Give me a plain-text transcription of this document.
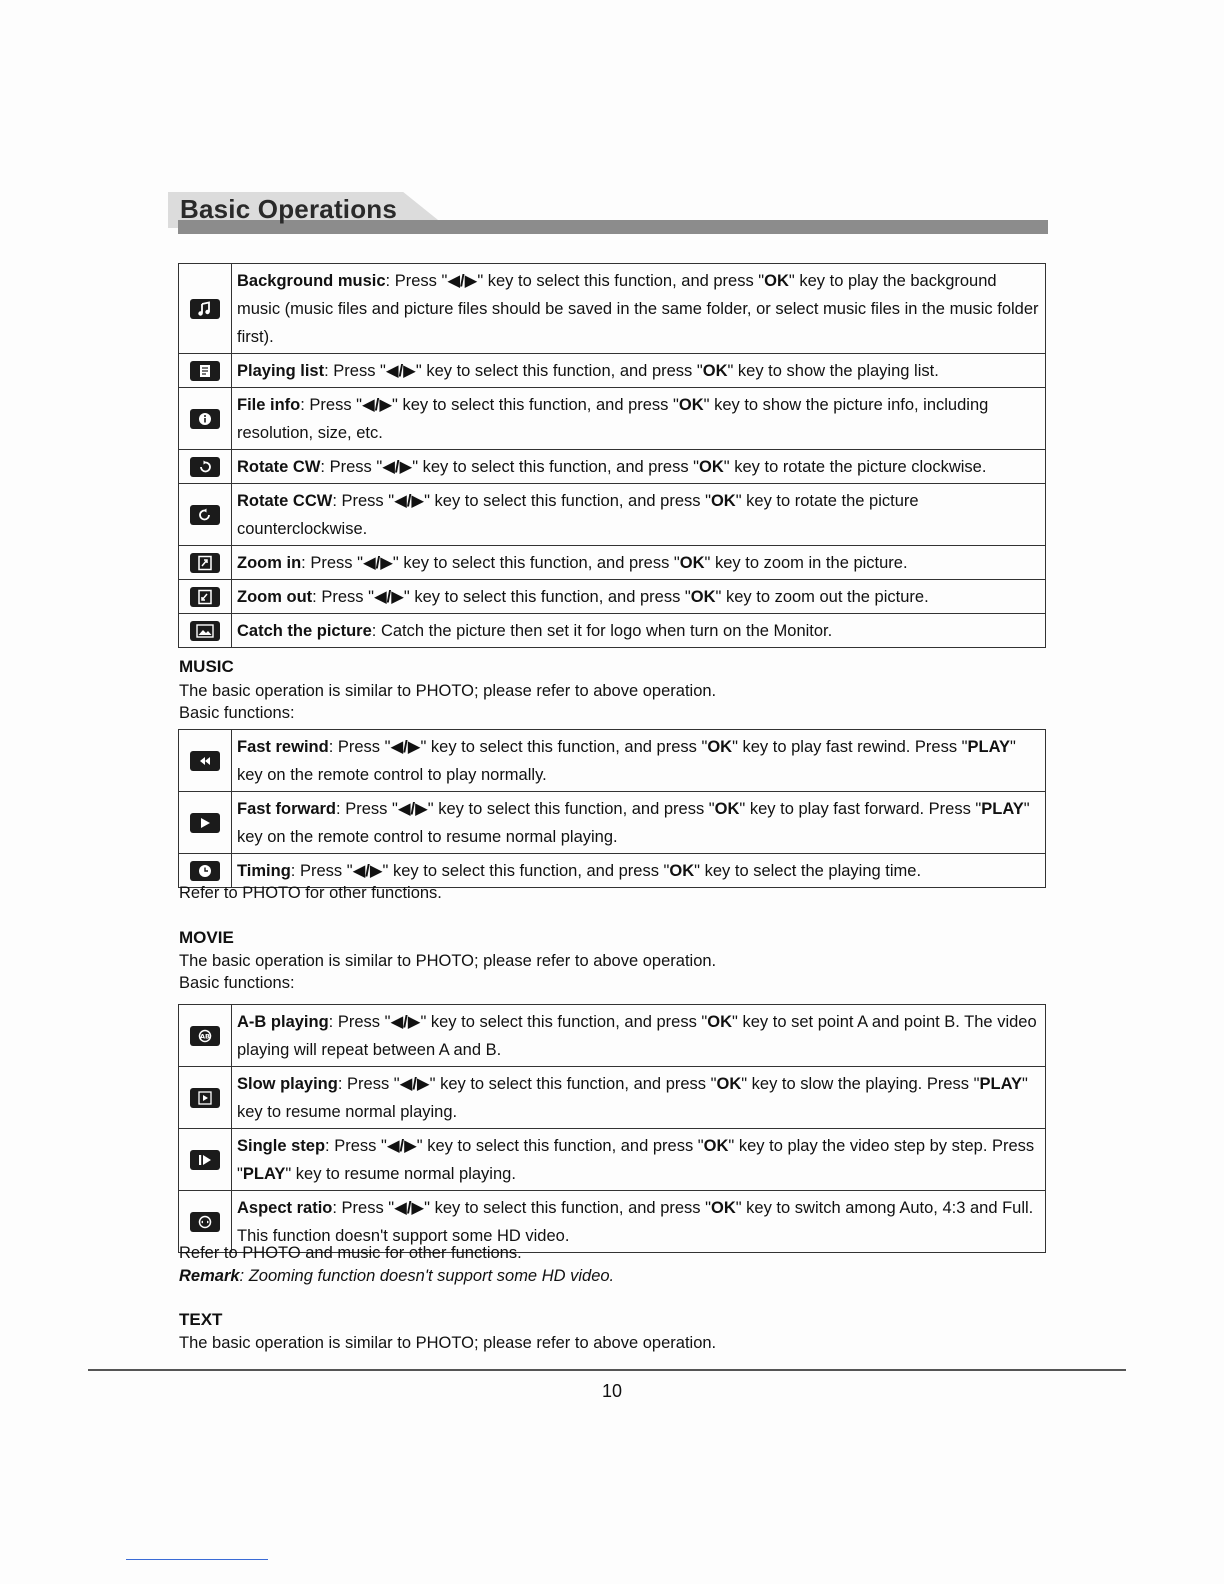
Basic Operations
	Background music: Press "◀/▶" key to select this function, and press "OK" key to play the background music (music files and picture files should be saved in the same folder, or select music files in the music folder first).

	Playing list: Press "◀/▶" key to select this function, and press "OK" key to show the playing list.

	File info: Press "◀/▶" key to select this function, and press "OK" key to show the picture info, including resolution, size, etc.

	Rotate CW: Press "◀/▶" key to select this function, and press "OK" key to rotate the picture clockwise.

	Rotate CCW: Press "◀/▶" key to select this function, and press "OK" key to rotate the picture counterclockwise.

	Zoom in: Press "◀/▶" key to select this function, and press "OK" key to zoom in the picture.

	Zoom out: Press "◀/▶" key to select this function, and press "OK" key to zoom out the picture.

	Catch the picture: Catch the picture then set it for logo when turn on the Monitor.
MUSIC
The basic operation is similar to PHOTO; please refer to above operation.
Basic functions:
	Fast rewind: Press "◀/▶" key to select this function, and press "OK" key to play fast rewind. Press "PLAY" key on the remote control to play normally.

	Fast forward: Press "◀/▶" key to select this function, and press "OK" key to play fast forward. Press "PLAY" key on the remote control to resume normal playing.

	Timing: Press "◀/▶" key to select this function, and press "OK" key to select the playing time.
Refer to PHOTO for other functions.
MOVIE
The basic operation is similar to PHOTO; please refer to above operation.
Basic functions:
AB	A-B playing: Press "◀/▶" key to select this function, and press "OK" key to set point A and point B. The video playing will repeat between A and B.

	Slow playing: Press "◀/▶" key to select this function, and press "OK" key to slow the playing. Press "PLAY" key to resume normal playing.

	Single step: Press "◀/▶" key to select this function, and press "OK" key to play the video step by step. Press "PLAY" key to resume normal playing.

	Aspect ratio: Press "◀/▶" key to select this function, and press "OK" key to switch among Auto, 4:3 and Full. This function doesn't support some HD video.
Refer to PHOTO and music for other functions.
Remark: Zooming function doesn't support some HD video.
TEXT
The basic operation is similar to PHOTO; please refer to above operation.
10
